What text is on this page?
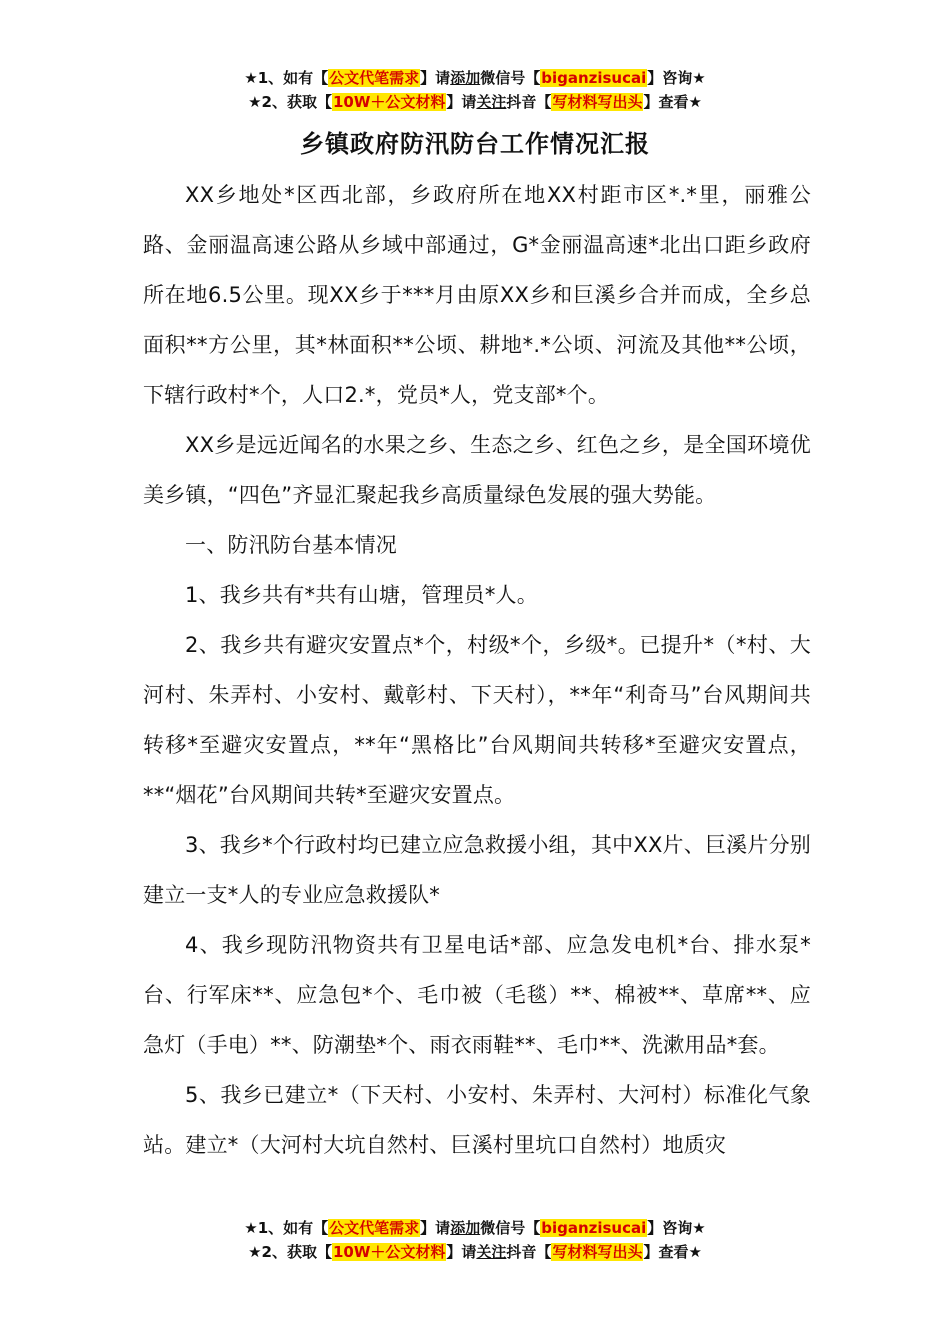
★1、如有【公文代笔需求】请添加微信号【biganzisucai】咨询★
★2、获取【10W＋公文材料】请关注抖音【写材料写出头】查看★
乡镇政府防汛防台工作情况汇报

XX乡地处*区西北部，乡政府所在地XX村距市区*.*里，丽雅公路、金丽温高速公路从乡域中部通过，G*金丽温高速*北出口距乡政府所在地6.5公里。现XX乡于***月由原XX乡和巨溪乡合并而成，全乡总面积**方公里，其*林面积**公顷、耕地*.*公顷、河流及其他**公顷，下辖行政村*个，人口2.*，党员*人，党支部*个。

XX乡是远近闻名的水果之乡、生态之乡、红色之乡，是全国环境优美乡镇，“四色”齐显汇聚起我乡高质量绿色发展的强大势能。

一、防汛防台基本情况

1、我乡共有*共有山塘，管理员*人。

2、我乡共有避灾安置点*个，村级*个，乡级*。已提升*（*村、大河村、朱弄村、小安村、戴彰村、下天村），**年“利奇马”台风期间共转移*至避灾安置点，**年“黑格比”台风期间共转移*至避灾安置点，**“烟花”台风期间共转*至避灾安置点。

3、我乡*个行政村均已建立应急救援小组，其中XX片、巨溪片分别建立一支*人的专业应急救援队*

4、我乡现防汛物资共有卫星电话*部、应急发电机*台、排水泵*台、行军床**、应急包*个、毛巾被（毛毯）**、棉被**、草席**、应急灯（手电）**、防潮垫*个、雨衣雨鞋**、毛巾**、洗漱用品*套。

5、我乡已建立*（下天村、小安村、朱弄村、大河村）标准化气象站。建立*（大河村大坑自然村、巨溪村里坑口自然村）地质灾

★1、如有【公文代笔需求】请添加微信号【biganzisucai】咨询★
★2、获取【10W＋公文材料】请关注抖音【写材料写出头】查看★
